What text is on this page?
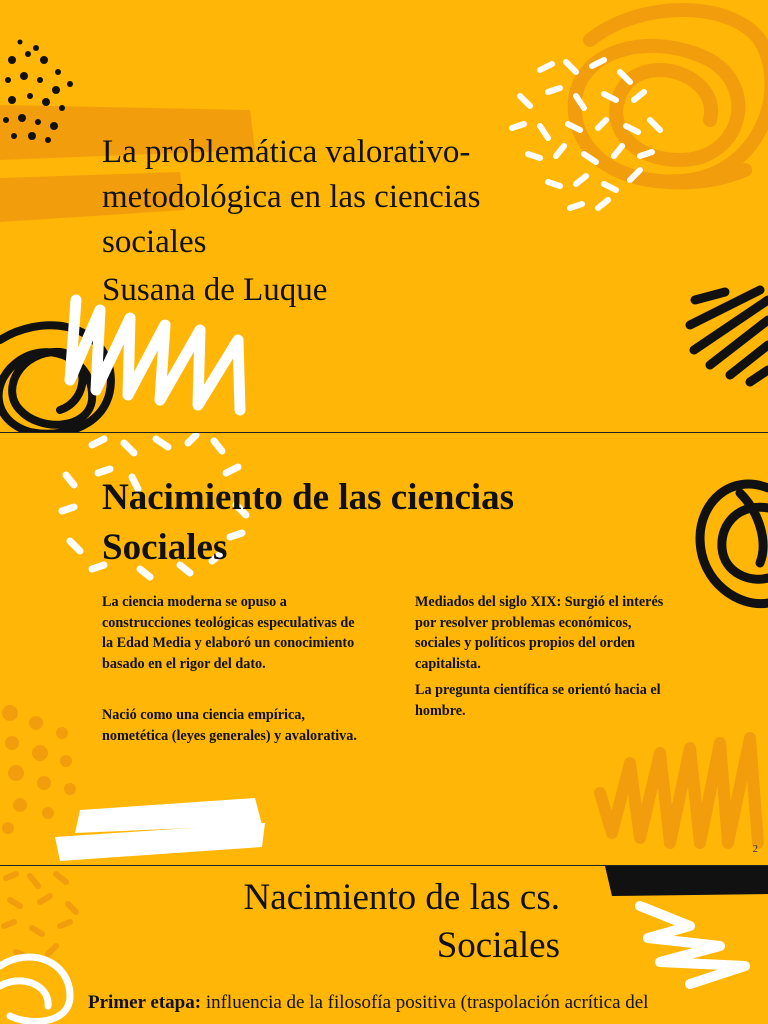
La problemática valorativo-metodológica en las ciencias sociales
Susana de Luque
Nacimiento de las ciencias Sociales

La ciencia moderna se opuso a construcciones teológicas especulativas de la Edad Media y elaboró un conocimiento basado en el rigor del dato.

Nació como una ciencia empírica, nometética (leyes generales) y avalorativa.

Mediados del siglo XIX: Surgió el interés por resolver problemas económicos, sociales y políticos propios del orden capitalista.

La pregunta científica se orientó hacia el hombre.

2
Nacimiento de las cs.
Sociales
Primer etapa: influencia de la filosofía positiva (traspolación acrítica del
